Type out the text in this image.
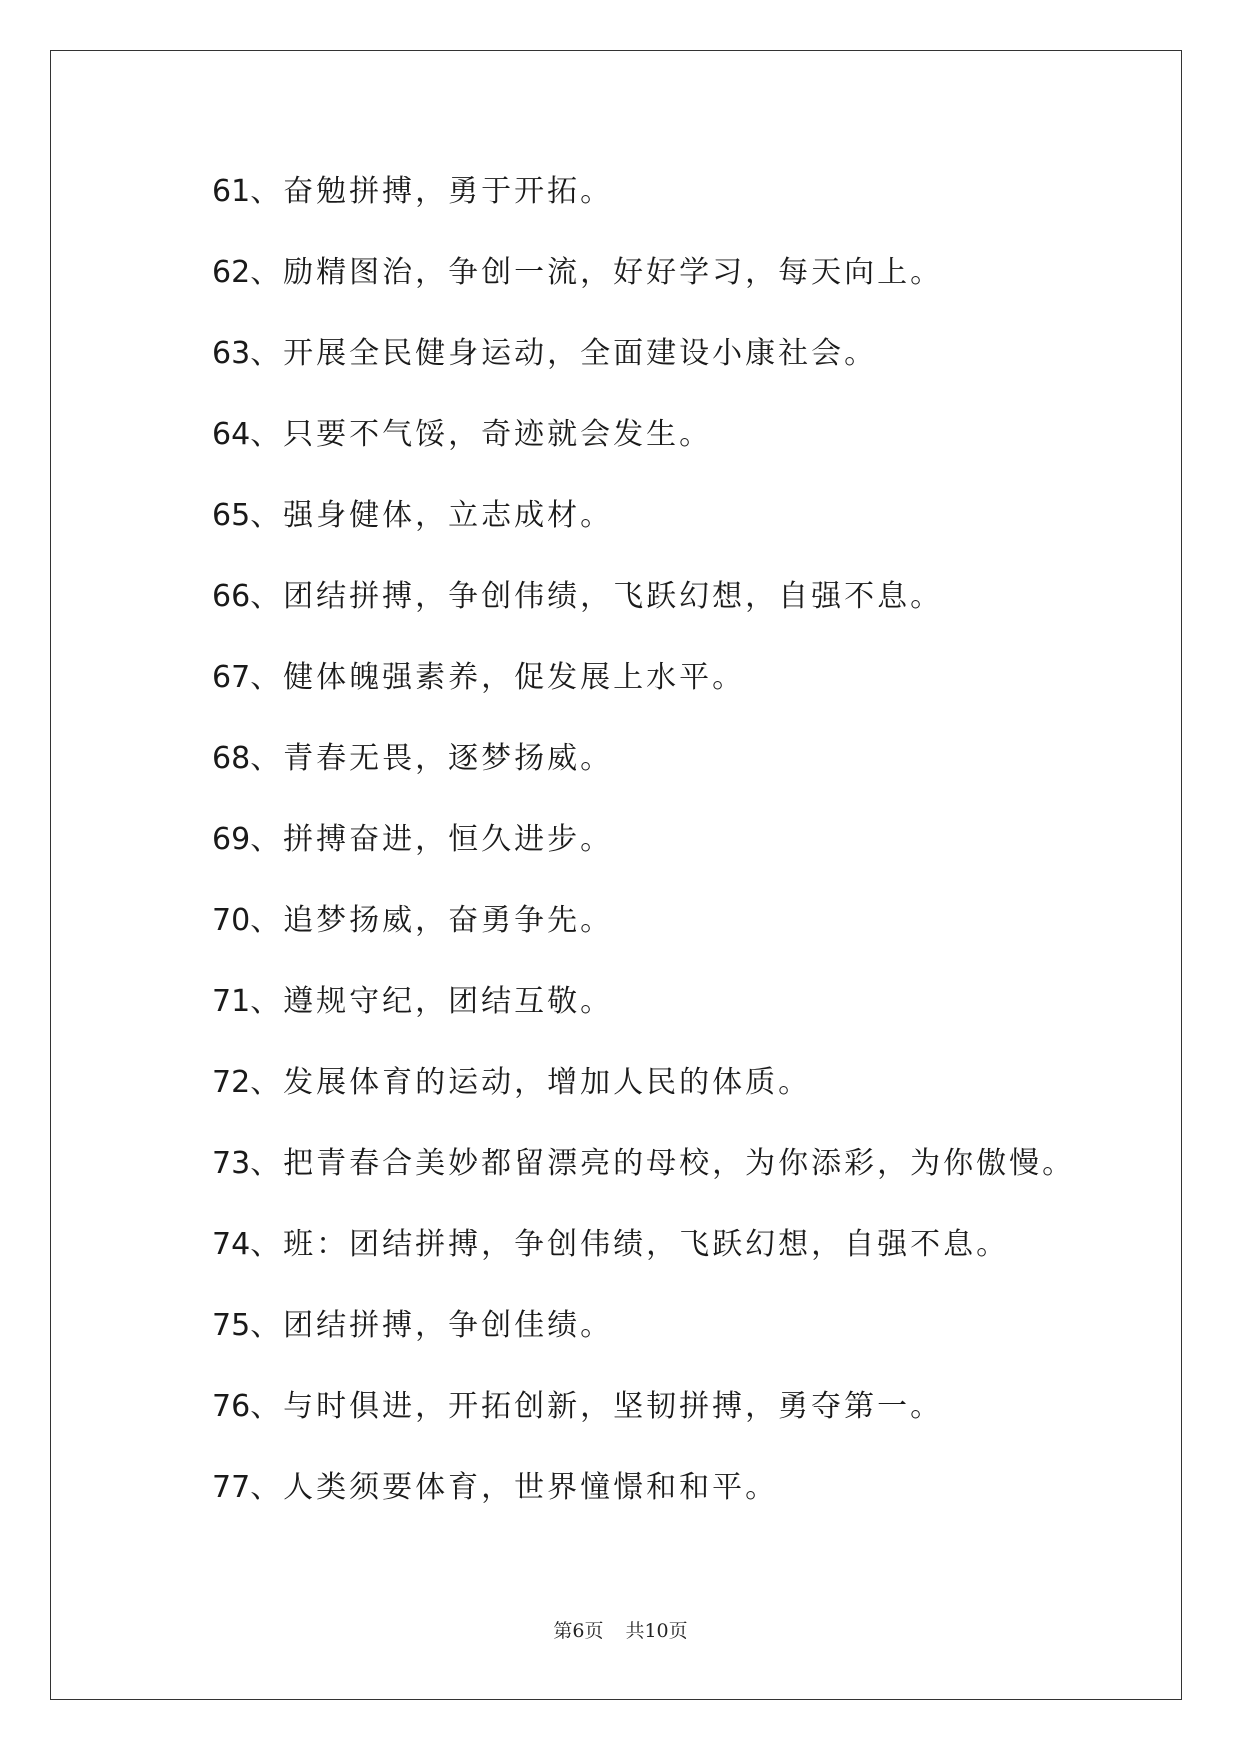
61、奋勉拼搏，勇于开拓。
62、励精图治，争创一流，好好学习，每天向上。
63、开展全民健身运动，全面建设小康社会。
64、只要不气馁，奇迹就会发生。
65、强身健体，立志成材。
66、团结拼搏，争创伟绩，飞跃幻想，自强不息。
67、健体魄强素养，促发展上水平。
68、青春无畏，逐梦扬威。
69、拼搏奋进，恒久进步。
70、追梦扬威，奋勇争先。
71、遵规守纪，团结互敬。
72、发展体育的运动，增加人民的体质。
73、把青春合美妙都留漂亮的母校，为你添彩，为你傲慢。
74、班：团结拼搏，争创伟绩，飞跃幻想，自强不息。
75、团结拼搏，争创佳绩。
76、与时俱进，开拓创新，坚韧拼搏，勇夺第一。
77、人类须要体育，世界憧憬和和平。
第6页 共10页
